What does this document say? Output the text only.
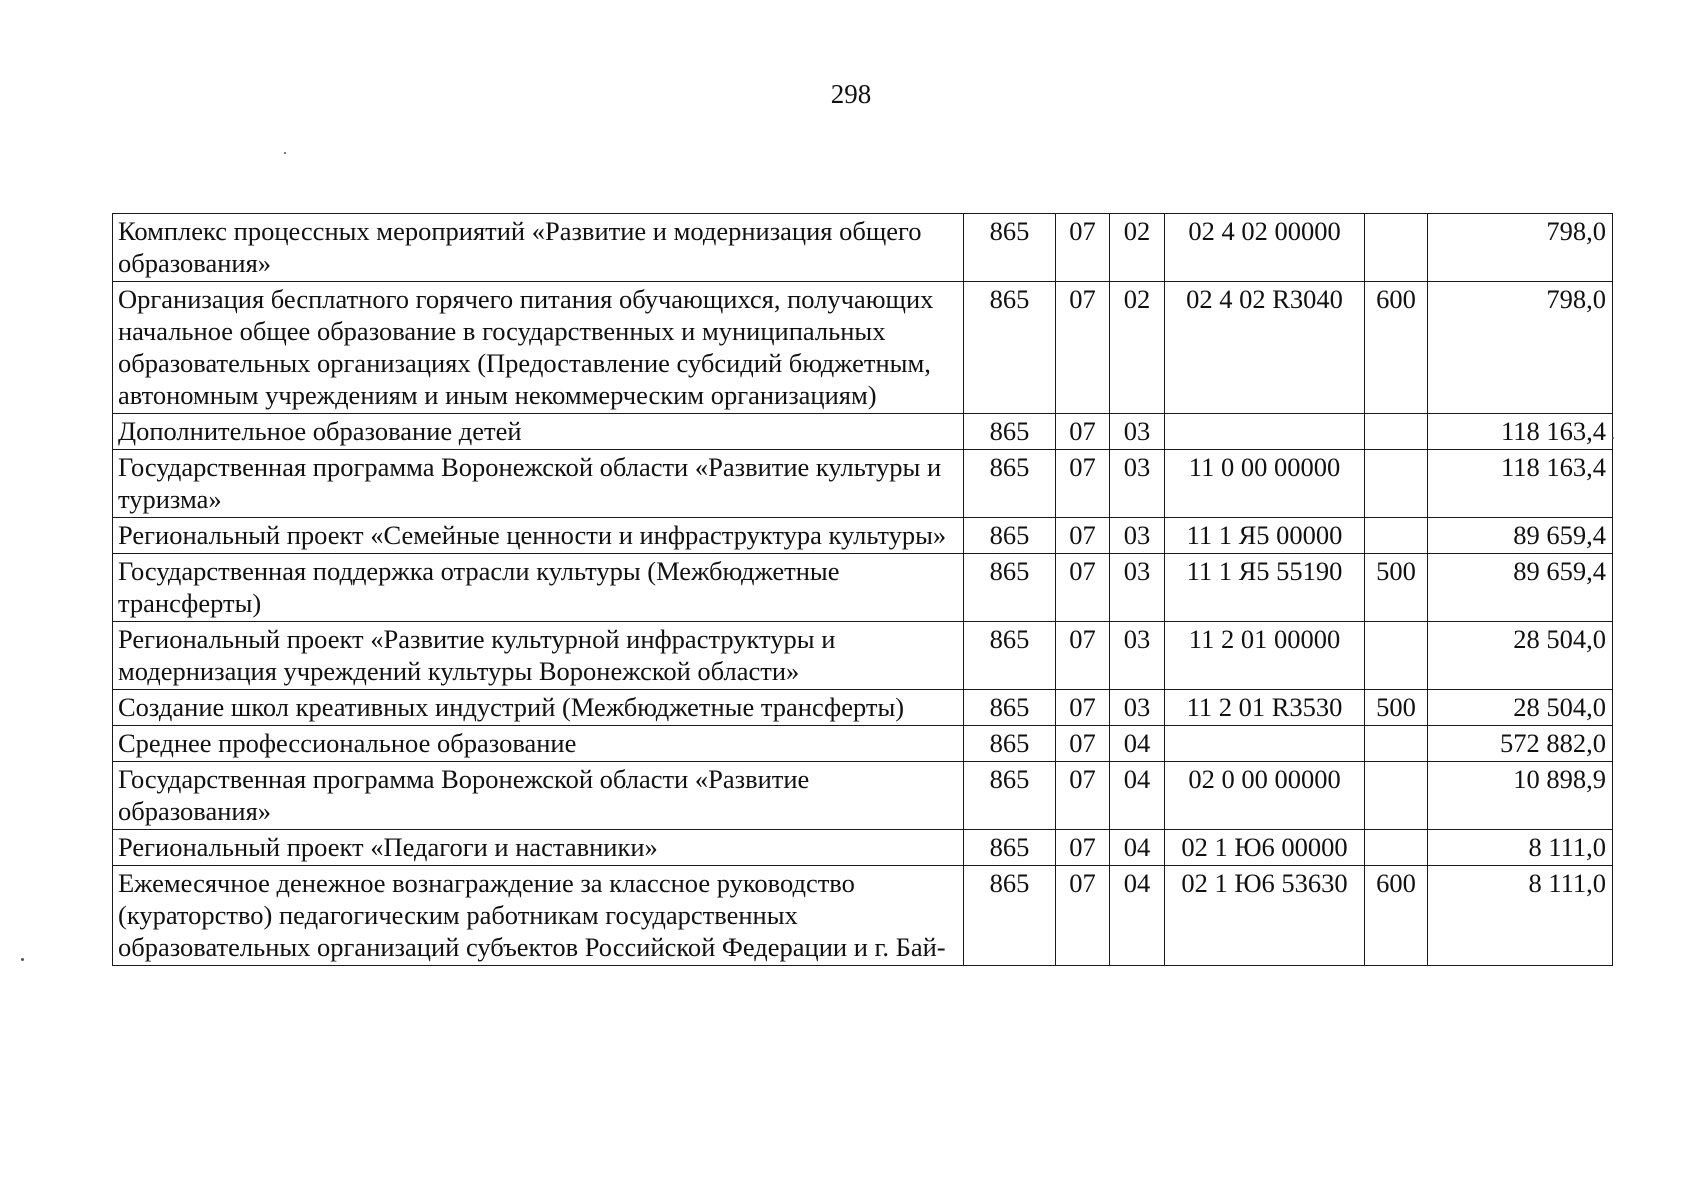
298
Комплекс процессных мероприятий «Развитие и модернизация общего образования»	865	07	02	02 4 02 00000		798,0
Организация бесплатного горячего питания обучающихся, получающих начальное общее образование в государственных и муниципальных образовательных организациях (Предоставление субсидий бюджетным, автономным учреждениям и иным некоммерческим организациям)	865	07	02	02 4 02 R3040	600	798,0
Дополнительное образование детей	865	07	03			118 163,4
Государственная программа Воронежской области «Развитие культуры и туризма»	865	07	03	11 0 00 00000		118 163,4
Региональный проект «Семейные ценности и инфраструктура культуры»	865	07	03	11 1 Я5 00000		89 659,4
Государственная поддержка отрасли культуры (Межбюджетные трансферты)	865	07	03	11 1 Я5 55190	500	89 659,4
Региональный проект «Развитие культурной инфраструктуры и модернизация учреждений культуры Воронежской области»	865	07	03	11 2 01 00000		28 504,0
Создание школ креативных индустрий (Межбюджетные трансферты)	865	07	03	11 2 01 R3530	500	28 504,0
Среднее профессиональное образование	865	07	04			572 882,0
Государственная программа Воронежской области «Развитие образования»	865	07	04	02 0 00 00000		10 898,9
Региональный проект «Педагоги и наставники»	865	07	04	02 1 Ю6 00000		8 111,0
Ежемесячное денежное вознаграждение за классное руководство (кураторство) педагогическим работникам государственных образовательных организаций субъектов Российской Федерации и г. Бай-	865	07	04	02 1 Ю6 53630	600	8 111,0
